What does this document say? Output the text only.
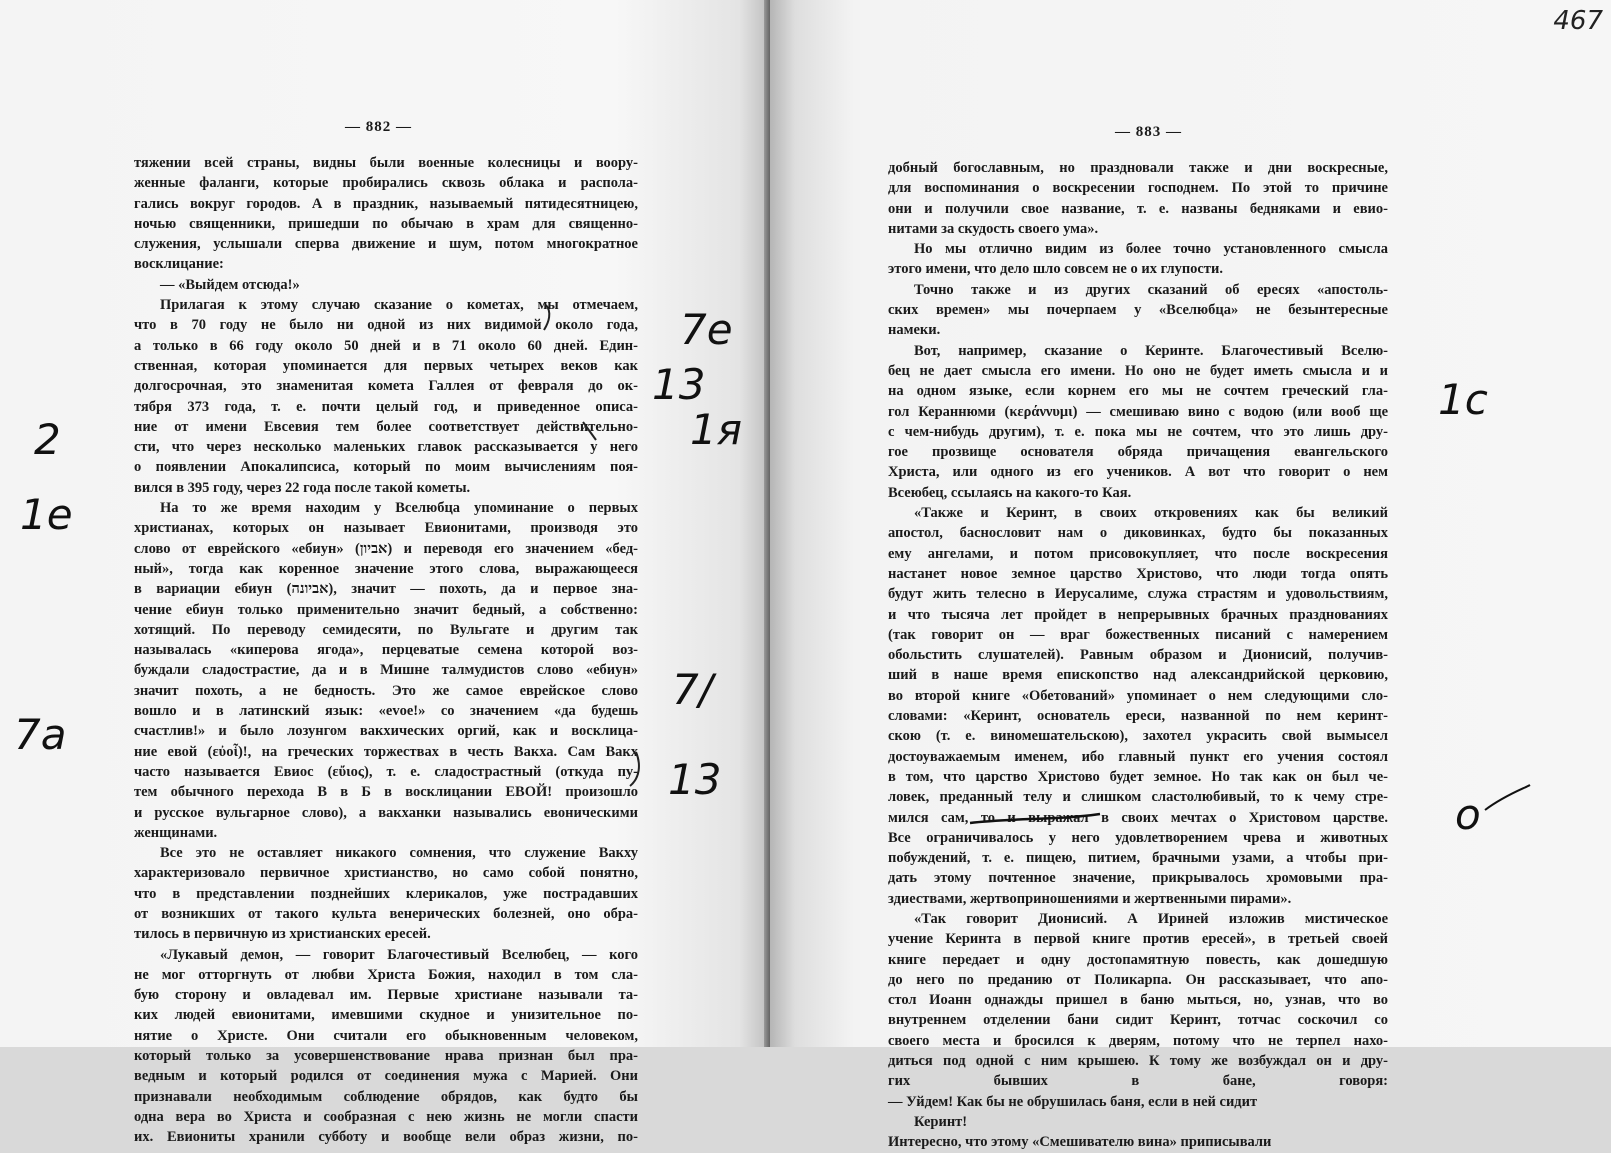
— 882 —
тяжении всей страны, видны были военные колесницы и воору-
женные фаланги, которые пробирались сквозь облака и распола-
гались вокруг городов. А в праздник, называемый пятидесятницею,
ночью священники, пришедши по обычаю в храм для священно-
служения, услышали сперва движение и шум, потом многократное
восклицание:
— «Выйдем отсюда!»
Прилагая к этому случаю сказание о кометах, мы отмечаем,
что в 70 году не было ни одной из них видимой около года,
а только в 66 году около 50 дней и в 71 около 60 дней. Един-
ственная, которая упоминается для первых четырех веков как
долгосрочная, это знаменитая комета Галлея от февраля до ок-
тября 373 года, т. е. почти целый год, и приведенное описа-
ние от имени Евсевия тем более соответствует действительно-
сти, что через несколько маленьких главок рассказывается у него
о появлении Апокалипсиса, который по моим вычислениям поя-
вился в 395 году, через 22 года после такой кометы.
На то же время находим у Вселюбца упоминание о первых
христианах, которых он называет Евионитами, производя это
слово от еврейского «ебиун» (אביון) и переводя его значением «бед-
ный», тогда как коренное значение этого слова, выражающееся
в вариации ебиун (אביונה), значит — похоть, да и первое зна-
чение ебиун только применительно значит бедный, а собственно:
хотящий. По переводу семидесяти, по Вульгате и другим так
называлась «киперова ягода», перцеватые семена которой воз-
буждали сладострастие, да и в Мишне талмудистов слово «ебиун»
значит похоть, а не бедность. Это же самое еврейское слово
вошло и в латинский язык: «evoe!» со значением «да будешь
счастлив!» и было лозунгом вакхических оргий, как и восклица-
ние евой (εὐοἷ)!, на греческих торжествах в честь Вакха. Сам Вакх
часто называется Евиос (εὔιος), т. е. сладострастный (откуда пу-
тем обычного перехода В в Б в восклицании ЕВОЙ! произошло
и русское вульгарное слово), а вакханки назывались евоническими
женщинами.
Все это не оставляет никакого сомнения, что служение Вакху
характеризовало первичное христианство, но само собой понятно,
что в представлении позднейших клерикалов, уже пострадавших
от возникших от такого культа венерических болезней, оно обра-
тилось в первичную из христианских ересей.
«Лукавый демон, — говорит Благочестивый Вселюбец, — кого
не мог отторгнуть от любви Христа Божия, находил в том сла-
бую сторону и овладевал им. Первые христиане называли та-
ких людей евионитами, имевшими скудное и унизительное по-
нятие о Христе. Они считали его обыкновенным человеком,
который только за усовершенствование нрава признан был пра-
ведным и который родился от соединения мужа с Марией. Они
признавали необходимым соблюдение обрядов, как будто бы
одна вера во Христа и сообразная с нею жизнь не могли спасти
их. Евиониты хранили субботу и вообще вели образ жизни, по-
7е
13
1я
2
1е
7а
7/
13
467
— 883 —
добный богославным, но праздновали также и дни воскресные,
для воспоминания о воскресении господнем. По этой то причине
они и получили свое название, т. е. названы бедняками и евио-
нитами за скудость своего ума».
Но мы отлично видим из более точно установленного смысла
этого имени, что дело шло совсем не о их глупости.
Точно также и из других сказаний об ересях «апостоль-
ских времен» мы почерпаем у «Вселюбца» не безынтересные
намеки.
Вот, например, сказание о Керинте. Благочестивый Вселю-
бец не дает смысла его имени. Но оно не будет иметь смысла и и
на одном языке, если корнем его мы не сочтем греческий гла-
гол Кераннюми (κεράννυμι) — смешиваю вино с водою (или вооб ще
с чем-нибудь другим), т. е. пока мы не сочтем, что это лишь дру-
гое прозвище основателя обряда причащения евангельского
Христа, или одного из его учеников. А вот что говорит о нем
Всеюбец, ссылаясь на какого-то Кая.
«Также и Керинт, в своих откровениях как бы великий
апостол, баснословит нам о диковинках, будто бы показанных
ему ангелами, и потом присовокупляет, что после воскресения
настанет новое земное царство Христово, что люди тогда опять
будут жить телесно в Иерусалиме, служа страстям и удовольствиям,
и что тысяча лет пройдет в непрерывных брачных празднованиях
(так говорит он — враг божественных писаний с намерением
обольстить слушателей). Равным образом и Дионисий, получив-
ший в наше время епископство над александрийской церковию,
во второй книге «Обетований» упоминает о нем следующими сло-
словами: «Керинт, основатель ереси, названной по нем керинт-
скою (т. е. виномешательскою), захотел украсить свой вымысел
достоуважаемым именем, ибо главный пункт его учения состоял
в том, что царство Христово будет земное. Но так как он был че-
ловек, преданный телу и слишком сластолюбивый, то к чему стре-
мился сам, то и выражал в своих мечтах о Христовом царстве.
Все ограничивалось у него удовлетворением чрева и животных
побуждений, т. е. пищею, питием, брачными узами, а чтобы при-
дать этому почтенное значение, прикрывалось хромовыми пра-
здиествами, жертвоприношениями и жертвенными пирами».
«Так говорит Дионисий. А Ириней изложив мистическое
учение Керинта в первой книге против ересей», в третьей своей
книге передает и одну достопамятную повесть, как дошедшую
до него по преданию от Поликарпа. Он рассказывает, что апо-
стол Иоанн однажды пришел в баню мыться, но, узнав, что во
внутреннем отделении бани сидит Керинт, тотчас соскочил со
своего места и бросился к дверям, потому что не терпел нахо-
диться под одной с ним крышею. К тому же возбуждал он и дру-
гих бывших в бане, говоря:
— Уйдем! Как бы не обрушилась баня, если в ней сидит
Керинт!
Интересно, что этому «Смешивателю вина» приписывали
1с
о
